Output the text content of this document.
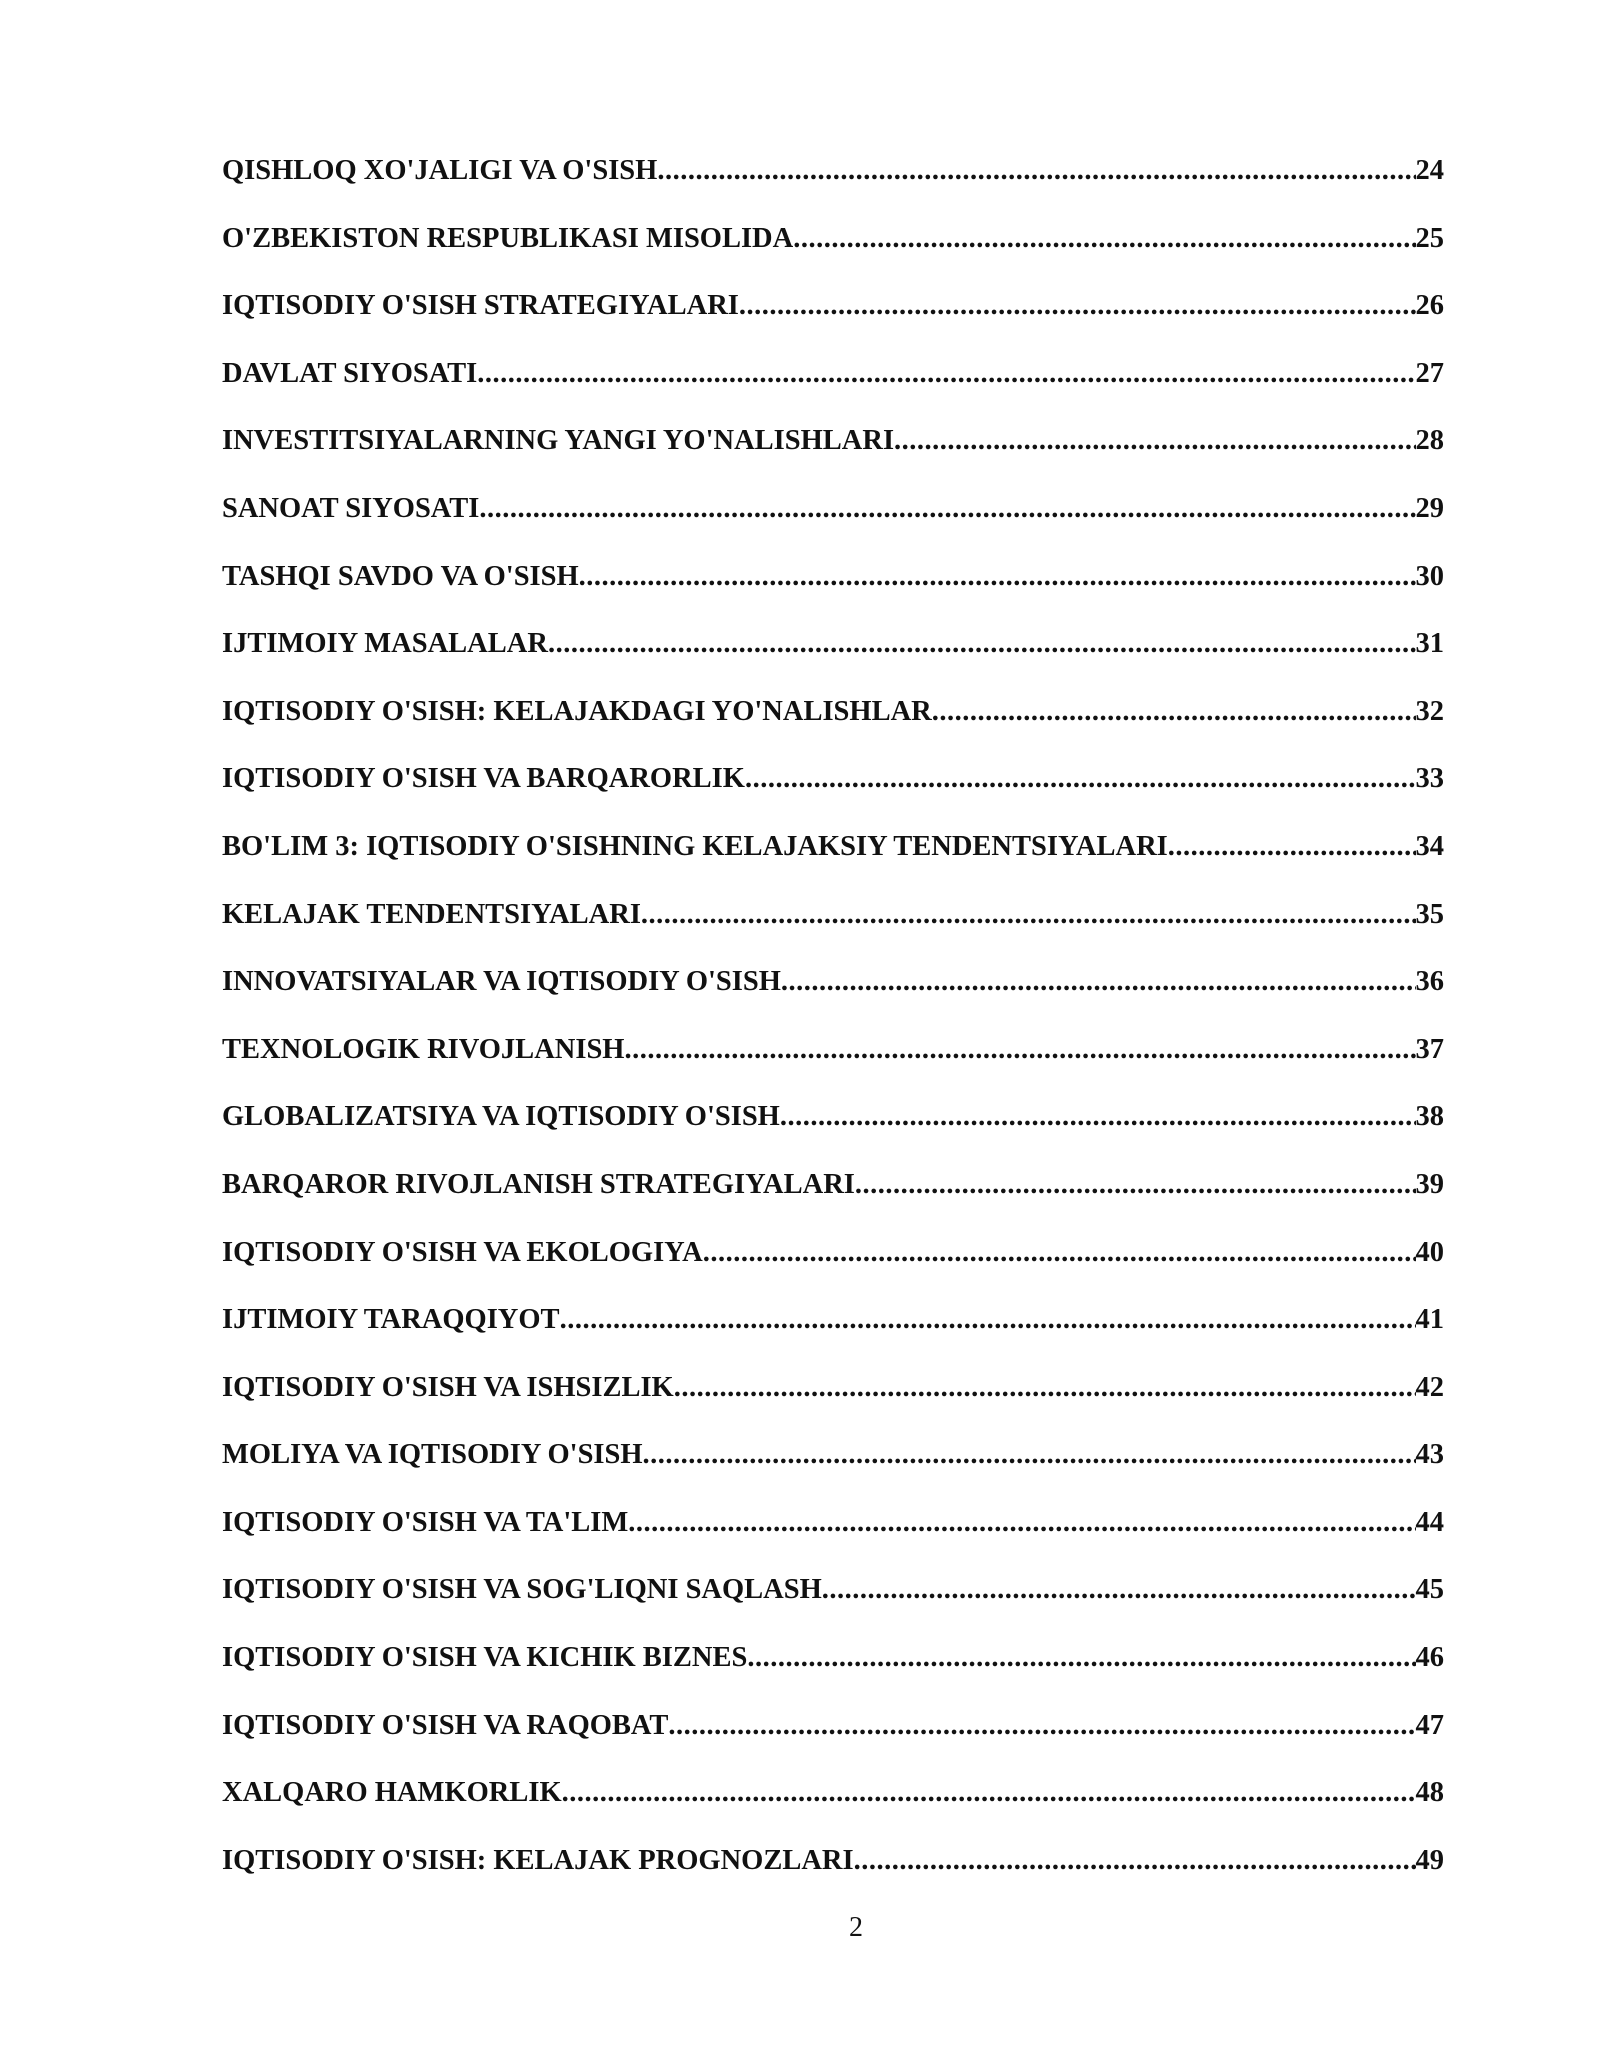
QISHLOQ XO'JALIGI VA O'SISH .....	24
O'ZBEKISTON RESPUBLIKASI MISOLIDA .....	25
IQTISODIY O'SISH STRATEGIYALARI .....	26
DAVLAT SIYOSATI .....	27
INVESTITSIYALARNING YANGI YO'NALISHLARI .....	28
SANOAT SIYOSATI .....	29
TASHQI SAVDO VA O'SISH .....	30
IJTIMOIY MASALALAR .....	31
IQTISODIY O'SISH: KELAJAKDAGI YO'NALISHLAR .....	32
IQTISODIY O'SISH VA BARQARORLIK .....	33
BO'LIM 3: IQTISODIY O'SISHNING KELAJAKSIY TENDENTSIYALARI .....	34
KELAJAK TENDENTSIYALARI .....	35
INNOVATSIYALAR VA IQTISODIY O'SISH .....	36
TEXNOLOGIK RIVOJLANISH .....	37
GLOBALIZATSIYA VA IQTISODIY O'SISH .....	38
BARQAROR RIVOJLANISH STRATEGIYALARI .....	39
IQTISODIY O'SISH VA EKOLOGIYA .....	40
IJTIMOIY TARAQQIYOT .....	41
IQTISODIY O'SISH VA ISHSIZLIK .....	42
MOLIYA VA IQTISODIY O'SISH .....	43
IQTISODIY O'SISH VA TA'LIM .....	44
IQTISODIY O'SISH VA SOG'LIQNI SAQLASH .....	45
IQTISODIY O'SISH VA KICHIK BIZNES .....	46
IQTISODIY O'SISH VA RAQOBAT .....	47
XALQARO HAMKORLIK .....	48
IQTISODIY O'SISH: KELAJAK PROGNOZLARI .....	49
2
